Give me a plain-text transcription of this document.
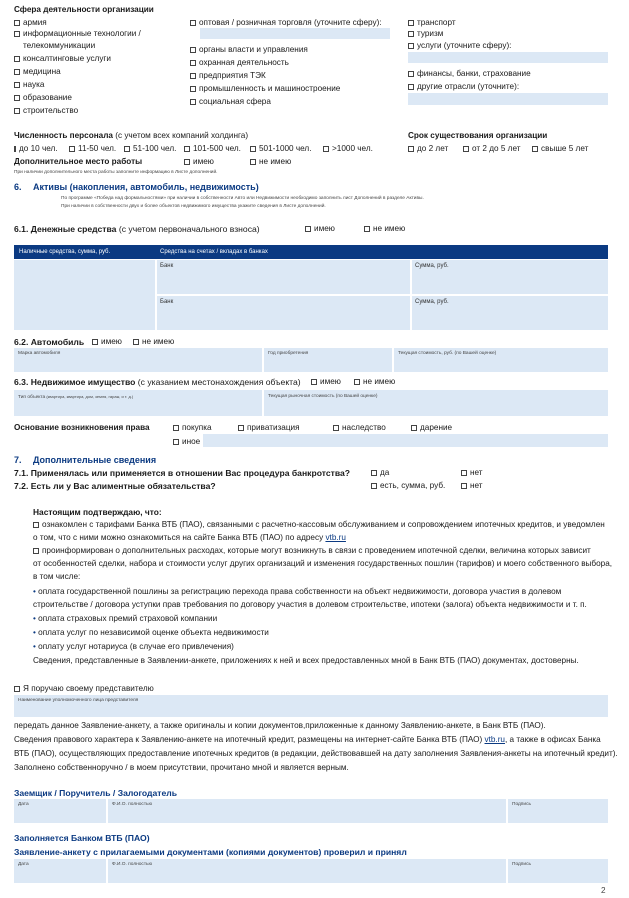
Сфера деятельности организации
армия
информационные технологии /
телекоммуникации
консалтинговые услуги
медицина
наука
образование
строительство
оптовая / розничная торговля (уточните сферу):
органы власти и управления
охранная деятельность
предприятия ТЭК
промышленность и машиностроение
социальная сфера
транспорт
туризм
услуги (уточните сферу):
финансы, банки, страхование
другие отрасли (уточните):
Численность персонала (с учетом всех компаний холдинга)
до 10 чел. 11-50 чел. 51-100 чел. 101-500 чел. 501-1000 чел.	>1000 чел.
Срок существования организации
до 2 лет	от 2 до 5 лет	свыше 5 лет
Дополнительное место работы	имею	не имею
При наличии дополнительного места работы заполните информацию в Листе дополнений.
6. Активы (накопления, автомобиль, недвижимость)
По программе «Победа над формальностями» при наличии в собственности Авто или Недвижимости необходимо заполнить лист Дополнений в разделе Активы.
При наличии в собственности двух и более объектов недвижимого имущества укажите сведения в Листе дополнений.
6.1. Денежные средства (с учетом первоначального взноса)	имею	не имею
Наличные средства, сумма, руб.	Средства на счетах / вкладах в банках
Банк	Сумма, руб.
Банк	Сумма, руб.
6.2. Автомобиль имею не имею
Марка автомобиля	Год приобретения	Текущая стоимость, руб. (по Вашей оценке)
6.3. Недвижимое имущество (с указанием местонахождения объекта) имею	не имею
Тип объекта (квартира, квартира, дом, земля, гараж, и т. д.)	Текущая рыночная стоимость (по Вашей оценке)
Основание возникновения права	покупка	приватизация	наследство	дарение
иное
7. Дополнительные сведения
7.1. Применялась или применяется в отношении Вас процедура банкротства?	да	нет
7.2. Есть ли у Вас алиментные обязательства?	есть, сумма, руб.	нет
Настоящим подтверждаю, что:
ознакомлен с тарифами Банка ВТБ (ПАО), связанными с расчетно-кассовым обслуживанием и сопровождением ипотечных кредитов, и уведомлен
о том, что с ними можно ознакомиться на сайте Банка ВТБ (ПАО) по адресу vtb.ru
проинформирован о дополнительных расходах, которые могут возникнуть в связи с проведением ипотечной сделки, величина которых зависит
от особенностей сделки, набора и стоимости услуг других организаций и изменения государственных пошлин (тарифов) и моего собственного выбора,
в том числе:
• оплата государственной пошлины за регистрацию перехода права собственности на объект недвижимости, договора участия в долевом
строительстве / договора уступки прав требования по договору участия в долевом строительстве, ипотеки (залога) объекта недвижимости и т. п.
• оплата страховых премий страховой компании
• оплата услуг по независимой оценке объекта недвижимости
• оплату услуг нотариуса (в случае его привлечения)
Сведения, представленные в Заявлении-анкете, приложениях к ней и всех предоставленных мной в Банк ВТБ (ПАО) документах, достоверны.
Я поручаю своему представителю
Наименование уполномоченного лица представителя
передать данное Заявление-анкету, а также оригиналы и копии документов,приложенные к данному Заявлению-анкете, в Банк ВТБ (ПАО).
Сведения правового характера к Заявлению-анкете на ипотечный кредит, размещены на интернет-сайте Банка ВТБ (ПАО) vtb.ru, а также в офисах Банка
ВТБ (ПАО), осуществляющих предоставление ипотечных кредитов (в редакции, действовавшей на дату заполнения Заявления-анкеты на ипотечный кредит).
Заполнено собственноручно / в моем присутствии, прочитано мной и является верным.
Заемщик / Поручитель / Залогодатель
Дата	Ф.И.О. полностью	Подпись
Заполняется Банком ВТБ (ПАО)
Заявление-анкету с прилагаемыми документами (копиями документов) проверил и принял
Дата	Ф.И.О. полностью	Подпись
2
